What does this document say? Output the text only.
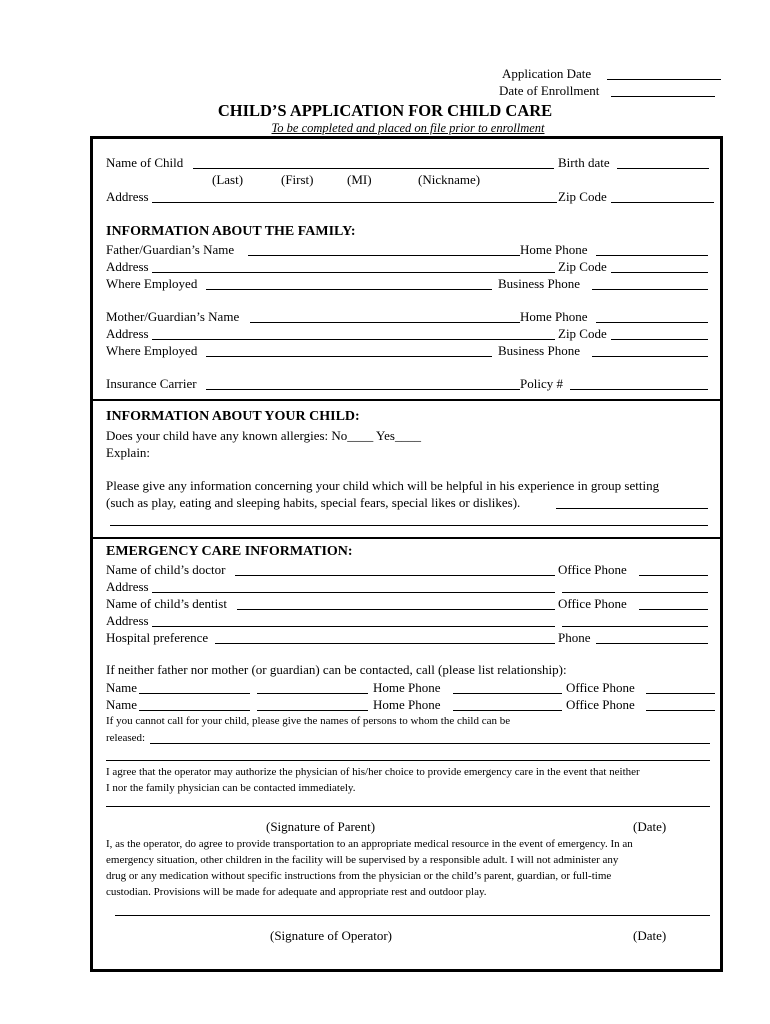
Application Date
Date of Enrollment
CHILD’S APPLICATION FOR CHILD CARE
To be completed and placed on file prior to enrollment
Name of Child	Birth date
(Last)	(First)	(MI)	(Nickname)
Address	Zip Code
INFORMATION ABOUT THE FAMILY:
Father/Guardian’s Name	Home Phone
Address	Zip Code
Where Employed	Business Phone
Mother/Guardian’s Name	Home Phone
Address	Zip Code
Where Employed	Business Phone
Insurance Carrier	Policy #
INFORMATION ABOUT YOUR CHILD:
Does your child have any known allergies: No____ Yes____
Explain:
Please give any information concerning your child which will be helpful in his experience in group setting
(such as play, eating and sleeping habits, special fears, special likes or dislikes).
EMERGENCY CARE INFORMATION:
Name of child’s doctor	Office Phone
Address
Name of child’s dentist	Office Phone
Address
Hospital preference	Phone
If neither father nor mother (or guardian) can be contacted, call (please list relationship):
Name	Home Phone	Office Phone
Name	Home Phone	Office Phone
If you cannot call for your child, please give the names of persons to whom the child can be
released:
I agree that the operator may authorize the physician of his/her choice to provide emergency care in the event that neither
I nor the family physician can be contacted immediately.
(Signature of Parent)	(Date)
I, as the operator, do agree to provide transportation to an appropriate medical resource in the event of emergency. In an
emergency situation, other children in the facility will be supervised by a responsible adult. I will not administer any
drug or any medication without specific instructions from the physician or the child’s parent, guardian, or full-time
custodian. Provisions will be made for adequate and appropriate rest and outdoor play.
(Signature of Operator)	(Date)
